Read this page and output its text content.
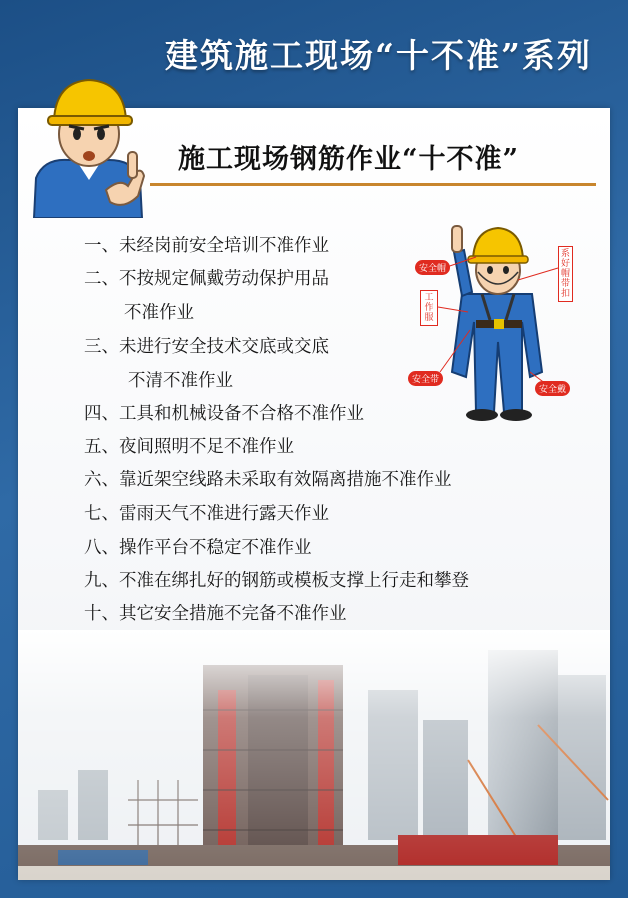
建筑施工现场“十不准”系列
施工现场钢筋作业“十不准”
安全帽
系好帽带扣
工作服
安全带
安全戴
一、未经岗前安全培训不准作业
二、不按规定佩戴劳动保护用品
不准作业
三、未进行安全技术交底或交底
不清不准作业
四、工具和机械设备不合格不准作业
五、夜间照明不足不准作业
六、靠近架空线路未采取有效隔离措施不准作业
七、雷雨天气不准进行露天作业
八、操作平台不稳定不准作业
九、不准在绑扎好的钢筋或模板支撑上行走和攀登
十、其它安全措施不完备不准作业
